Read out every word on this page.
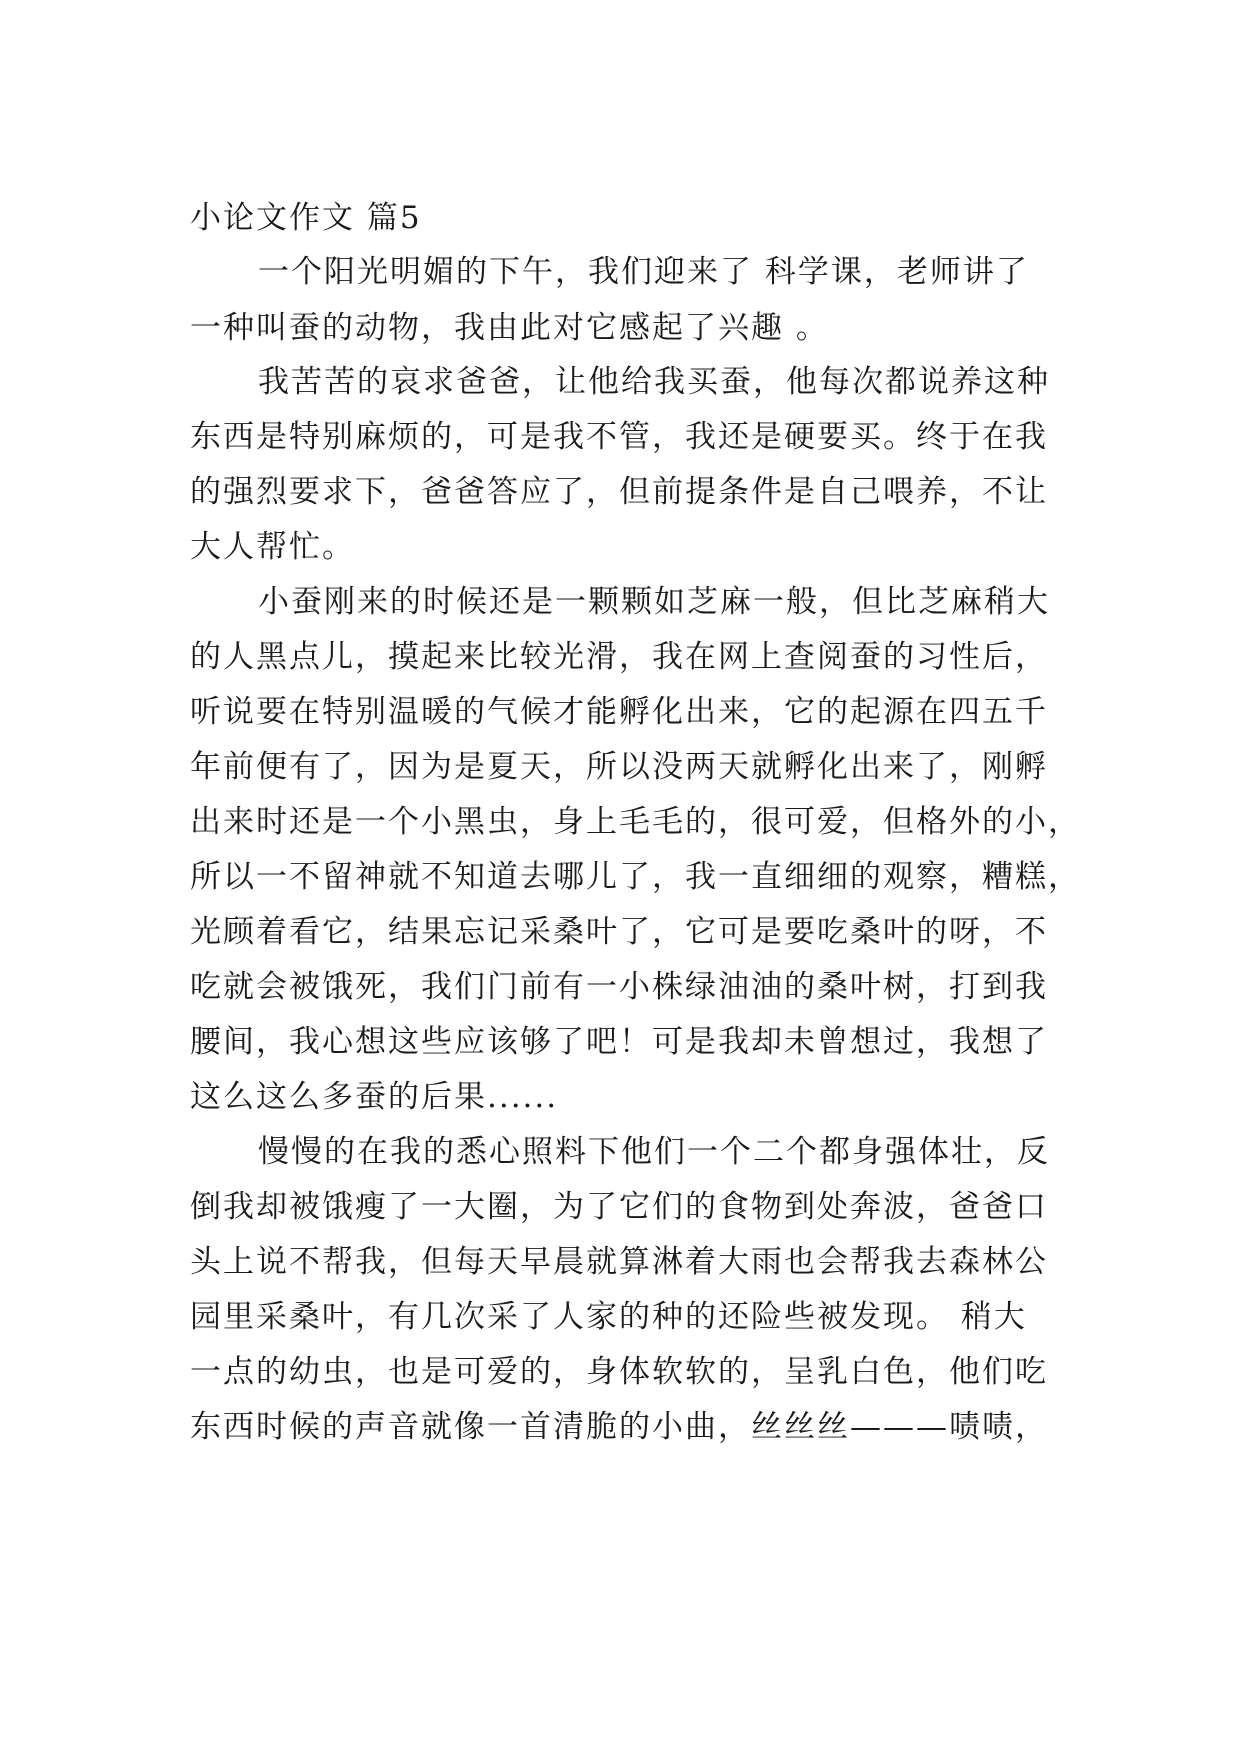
小论文作文 篇5
一个阳光明媚的下午，我们迎来了 科学课，老师讲了
一种叫蚕的动物，我由此对它感起了兴趣 。
我苦苦的哀求爸爸，让他给我买蚕，他每次都说养这种
东西是特别麻烦的，可是我不管，我还是硬要买。终于在我
的强烈要求下，爸爸答应了，但前提条件是自己喂养，不让
大人帮忙。
小蚕刚来的时候还是一颗颗如芝麻一般，但比芝麻稍大
的人黑点儿，摸起来比较光滑，我在网上查阅蚕的习性后，
听说要在特别温暖的气候才能孵化出来，它的起源在四五千
年前便有了，因为是夏天，所以没两天就孵化出来了，刚孵
出来时还是一个小黑虫，身上毛毛的，很可爱，但格外的小，
所以一不留神就不知道去哪儿了，我一直细细的观察，糟糕，
光顾着看它，结果忘记采桑叶了，它可是要吃桑叶的呀，不
吃就会被饿死，我们门前有一小株绿油油的桑叶树，打到我
腰间，我心想这些应该够了吧！可是我却未曾想过，我想了
这么这么多蚕的后果......
慢慢的在我的悉心照料下他们一个二个都身强体壮，反
倒我却被饿瘦了一大圈，为了它们的食物到处奔波，爸爸口
头上说不帮我，但每天早晨就算淋着大雨也会帮我去森林公
园里采桑叶，有几次采了人家的种的还险些被发现。 稍大
一点的幼虫，也是可爱的，身体软软的，呈乳白色，他们吃
东西时候的声音就像一首清脆的小曲，丝丝丝———啧啧，
